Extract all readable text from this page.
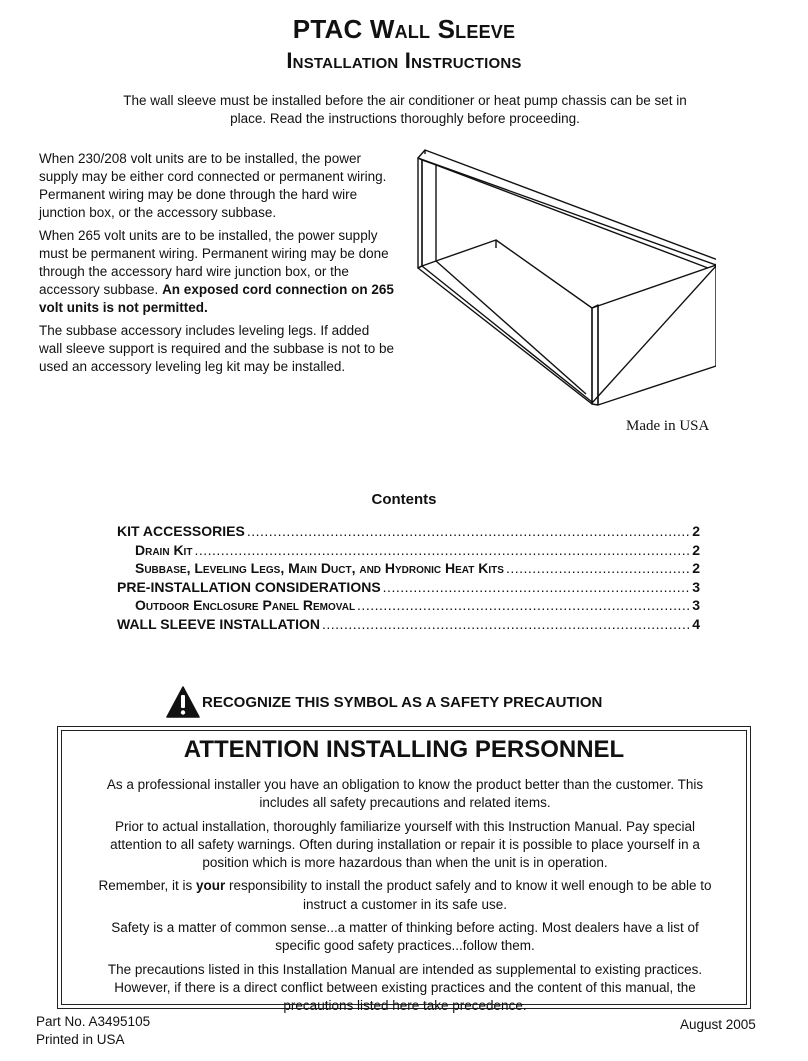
PTAC Wall Sleeve
Installation Instructions
The wall sleeve must be installed before the air conditioner or heat pump chassis can be set in place. Read the instructions thoroughly before proceeding.

When 230/208 volt units are to be installed, the power supply may be either cord connected or permanent wiring. Permanent wiring may be done through the hard wire junction box, or the accessory subbase.

When 265 volt units are to be installed, the power supply must be permanent wiring. Permanent wiring may be done through the accessory hard wire junction box, or the accessory subbase. An exposed cord connection on 265 volt units is not permitted.

The subbase accessory includes leveling legs. If added wall sleeve support is required and the subbase is not to be used an accessory leveling leg kit may be installed.

Made in USA
Contents
KIT ACCESSORIES .....	2
Drain Kit .....	2
Subbase, Leveling Legs, Main Duct, and Hydronic Heat Kits .....	2
PRE-INSTALLATION CONSIDERATIONS .....	3
Outdoor Enclosure Panel Removal .....	3
WALL SLEEVE INSTALLATION .....	4
RECOGNIZE THIS SYMBOL AS A SAFETY PRECAUTION
ATTENTION INSTALLING PERSONNEL

As a professional installer you have an obligation to know the product better than the customer. This includes all safety precautions and related items.

Prior to actual installation, thoroughly familiarize yourself with this Instruction Manual. Pay special attention to all safety warnings. Often during installation or repair it is possible to place yourself in a position which is more hazardous than when the unit is in operation.

Remember, it is your responsibility to install the product safely and to know it well enough to be able to instruct a customer in its safe use.

Safety is a matter of common sense...a matter of thinking before acting. Most dealers have a list of specific good safety practices...follow them.

The precautions listed in this Installation Manual are intended as supplemental to existing practices. However, if there is a direct conflict between existing practices and the content of this manual, the precautions listed here take precedence.

Part No. A3495105
Printed in USA
August 2005
